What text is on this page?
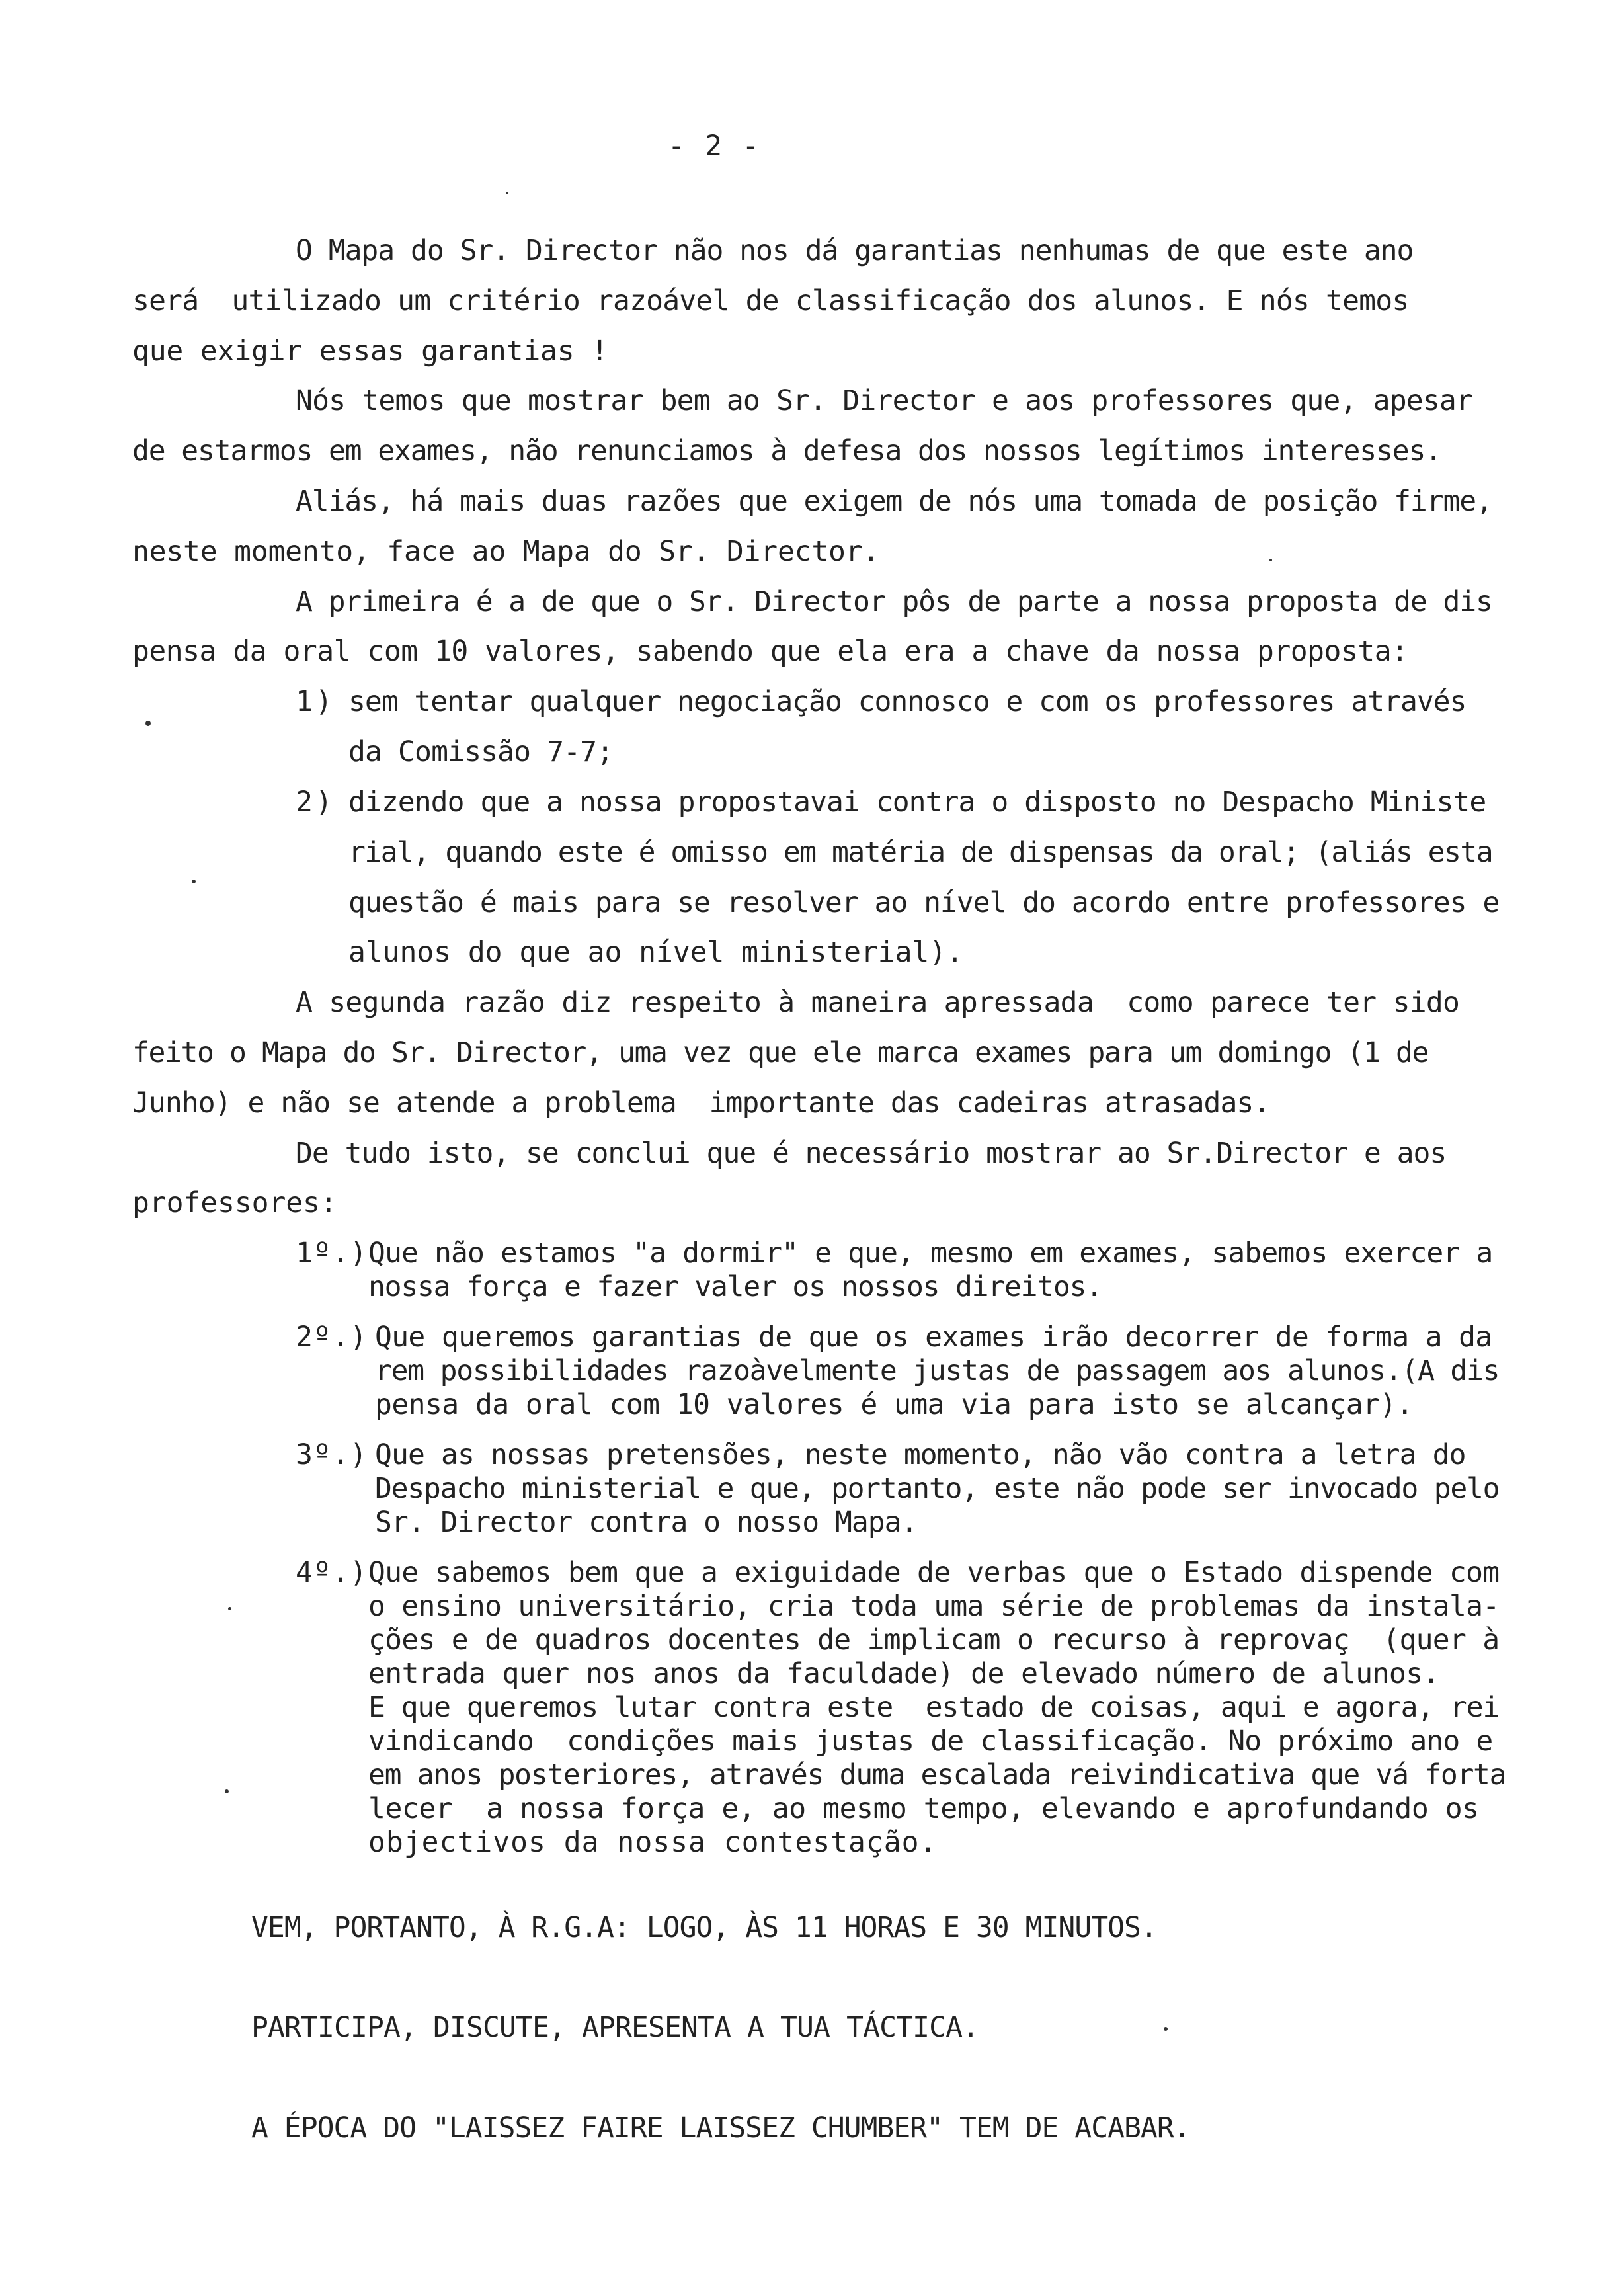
- 2 -
O Mapa do Sr. Director não nos dá garantias nenhumas de que este ano
será  utilizado um critério razoável de classificação dos alunos. E nós temos
que exigir essas garantias !
Nós temos que mostrar bem ao Sr. Director e aos professores que, apesar
de estarmos em exames, não renunciamos à defesa dos nossos legítimos interesses.
Aliás, há mais duas razões que exigem de nós uma tomada de posição firme,
neste momento, face ao Mapa do Sr. Director.
A primeira é a de que o Sr. Director pôs de parte a nossa proposta de dis
pensa da oral com 10 valores, sabendo que ela era a chave da nossa proposta:
1) sem tentar qualquer negociação connosco e com os professores através
da Comissão 7-7;
2) dizendo que a nossa propostavai contra o disposto no Despacho Ministe
rial, quando este é omisso em matéria de dispensas da oral; (aliás esta
questão é mais para se resolver ao nível do acordo entre professores e
alunos do que ao nível ministerial).
A segunda razão diz respeito à maneira apressada  como parece ter sido
feito o Mapa do Sr. Director, uma vez que ele marca exames para um domingo (1 de
Junho) e não se atende a problema  importante das cadeiras atrasadas.
De tudo isto, se conclui que é necessário mostrar ao Sr.Director e aos
professores:
1º.) Que não estamos "a dormir" e que, mesmo em exames, sabemos exercer a
nossa força e fazer valer os nossos direitos.
2º.) Que queremos garantias de que os exames irão decorrer de forma a da
rem possibilidades razoàvelmente justas de passagem aos alunos.(A dis
pensa da oral com 10 valores é uma via para isto se alcançar).
3º.) Que as nossas pretensões, neste momento, não vão contra a letra do
Despacho ministerial e que, portanto, este não pode ser invocado pelo
Sr. Director contra o nosso Mapa.
4º.) Que sabemos bem que a exiguidade de verbas que o Estado dispende com
o ensino universitário, cria toda uma série de problemas da instala-
ções e de quadros docentes de implicam o recurso à reprovaç  (quer à
entrada quer nos anos da faculdade) de elevado número de alunos.
E que queremos lutar contra este  estado de coisas, aqui e agora, rei
vindicando  condições mais justas de classificação. No próximo ano e
em anos posteriores, através duma escalada reivindicativa que vá forta
lecer  a nossa força e, ao mesmo tempo, elevando e aprofundando os
objectivos da nossa contestação.
VEM, PORTANTO, À R.G.A: LOGO, ÀS 11 HORAS E 30 MINUTOS.
PARTICIPA, DISCUTE, APRESENTA A TUA TÁCTICA.
A ÉPOCA DO "LAISSEZ FAIRE LAISSEZ CHUMBER" TEM DE ACABAR.
